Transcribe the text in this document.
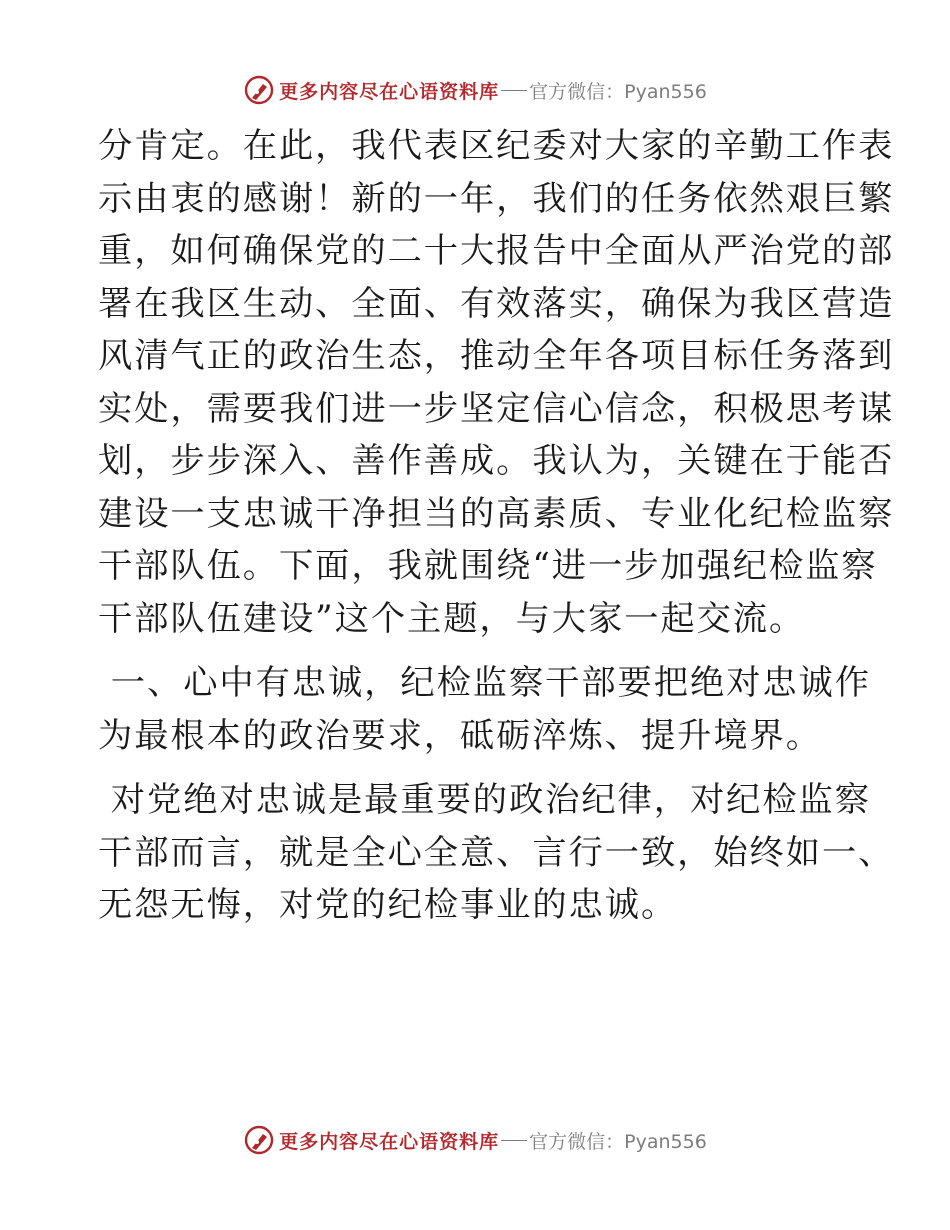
更多内容尽在心语资料库 官方微信：Pyan556

分肯定。在此，我代表区纪委对大家的辛勤工作表
示由衷的感谢！新的一年，我们的任务依然艰巨繁
重，如何确保党的二十大报告中全面从严治党的部
署在我区生动、全面、有效落实，确保为我区营造
风清气正的政治生态，推动全年各项目标任务落到
实处，需要我们进一步坚定信心信念，积极思考谋
划，步步深入、善作善成。我认为，关键在于能否
建设一支忠诚干净担当的高素质、专业化纪检监察
干部队伍。下面，我就围绕“进一步加强纪检监察
干部队伍建设”这个主题，与大家一起交流。

一、心中有忠诚，纪检监察干部要把绝对忠诚作
为最根本的政治要求，砥砺淬炼、提升境界。

对党绝对忠诚是最重要的政治纪律，对纪检监察
干部而言，就是全心全意、言行一致，始终如一、
无怨无悔，对党的纪检事业的忠诚。

更多内容尽在心语资料库 官方微信：Pyan556
